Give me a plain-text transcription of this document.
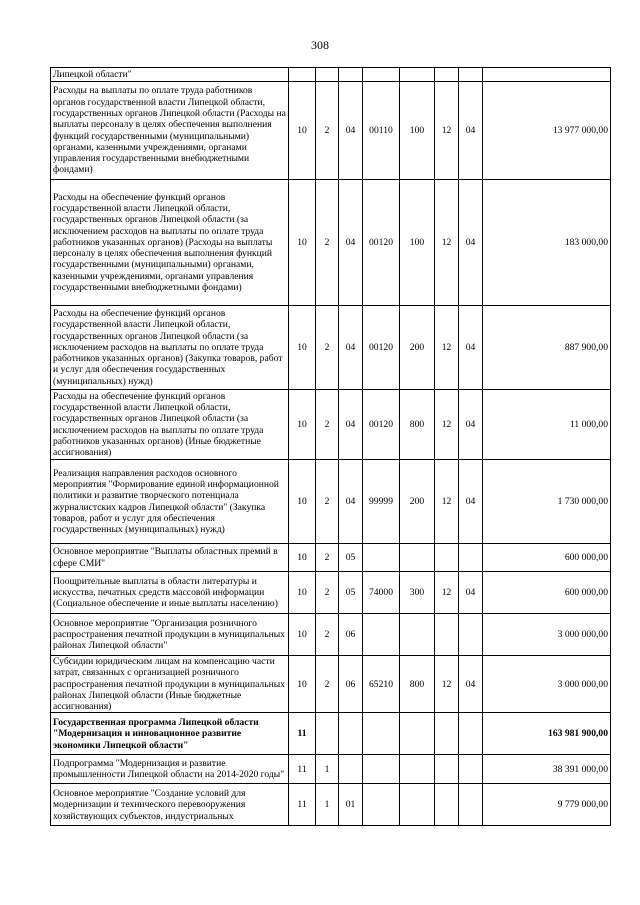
308
Липецкой области"								
Расходы на выплаты по оплате труда работников органов государственной власти Липецкой области, государственных органов Липецкой области (Расходы на выплаты персоналу в целях обеспечения выполнения функций государственными (муниципальными) органами, казенными учреждениями, органами управления государственными внебюджетными фондами)	10	2	04	00110	100	12	04	13 977 000,00
Расходы на обеспечение функций органов государственной власти Липецкой области, государственных органов Липецкой области (за исключением расходов на выплаты по оплате труда работников указанных органов) (Расходы на выплаты персоналу в целях обеспечения выполнения функций государственными (муниципальными) органами, казенными учреждениями, органами управления государственными внебюджетными фондами)	10	2	04	00120	100	12	04	183 000,00
Расходы на обеспечение функций органов государственной власти Липецкой области, государственных органов Липецкой области (за исключением расходов на выплаты по оплате труда работников указанных органов) (Закупка товаров, работ и услуг для обеспечения государственных (муниципальных) нужд)	10	2	04	00120	200	12	04	887 900,00
Расходы на обеспечение функций органов государственной власти Липецкой области, государственных органов Липецкой области (за исключением расходов на выплаты по оплате труда работников указанных органов) (Иные бюджетные ассигнования)	10	2	04	00120	800	12	04	11 000,00
Реализация направления расходов основного мероприятия "Формирование единой информационной политики и развитие творческого потенциала журналистских кадров Липецкой области" (Закупка товаров, работ и услуг для обеспечения государственных (муниципальных) нужд)	10	2	04	99999	200	12	04	1 730 000,00
Основное мероприятие "Выплаты областных премий в сфере СМИ"	10	2	05					600 000,00
Поощрительные выплаты в области литературы и искусства, печатных средств массовой информации (Социальное обеспечение и иные выплаты населению)	10	2	05	74000	300	12	04	600 000,00
Основное мероприятие "Организация розничного распространения печатной продукции в муниципальных районах Липецкой области"	10	2	06					3 000 000,00
Субсидии юридическим лицам на компенсацию части затрат, связанных с организацией розничного распространения печатной продукции в муниципальных районах Липецкой области (Иные бюджетные ассигнования)	10	2	06	65210	800	12	04	3 000 000,00
Государственная программа Липецкой области "Модернизация и инновационное развитие экономики Липецкой области"	11							163 981 900,00
Подпрограмма "Модернизация и развитие промышленности Липецкой области на 2014-2020 годы"	11	1						38 391 000,00
Основное мероприятие "Создание условий для модернизации и технического перевооружения хозяйствующих субъектов, индустриальных	11	1	01					9 779 000,00
